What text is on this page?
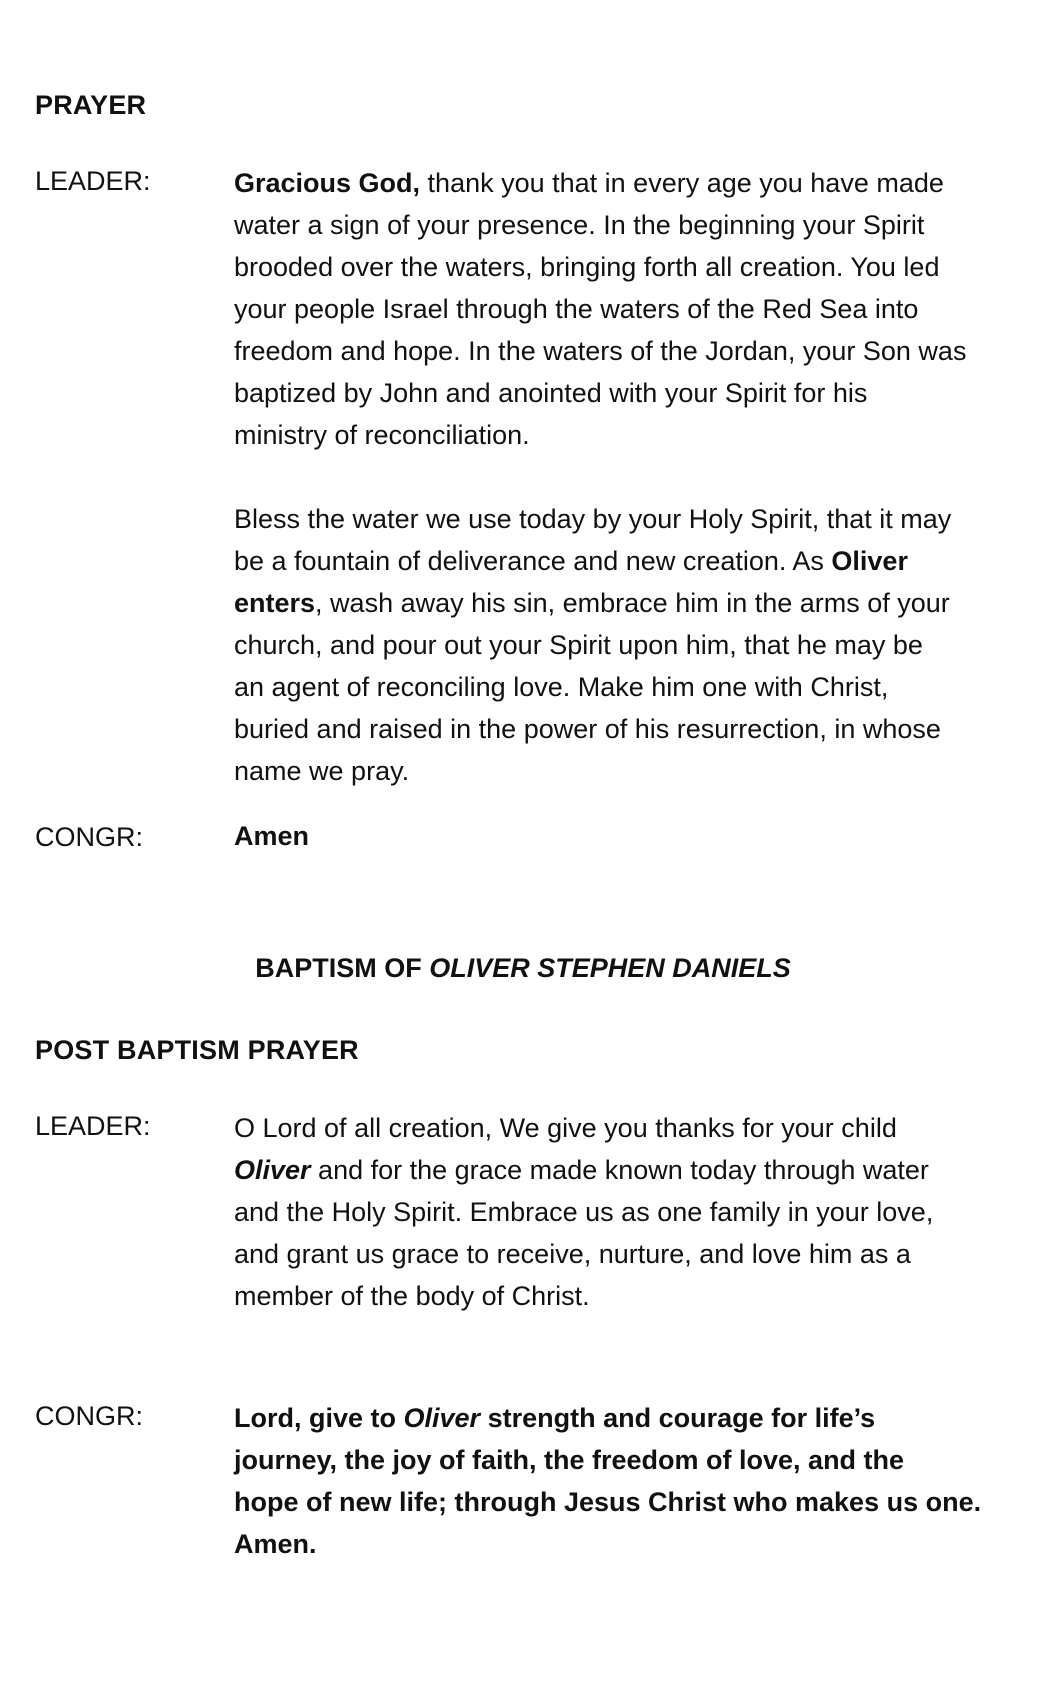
PRAYER
LEADER:	Gracious God, thank you that in every age you have made
water a sign of your presence. In the beginning your Spirit
brooded over the waters, bringing forth all creation. You led
your people Israel through the waters of the Red Sea into
freedom and hope. In the waters of the Jordan, your Son was
baptized by John and anointed with your Spirit for his
ministry of reconciliation.
Bless the water we use today by your Holy Spirit, that it may
be a fountain of deliverance and new creation. As Oliver
enters, wash away his sin, embrace him in the arms of your
church, and pour out your Spirit upon him, that he may be
an agent of reconciling love. Make him one with Christ,
buried and raised in the power of his resurrection, in whose
name we pray.
CONGR:	Amen
BAPTISM OF OLIVER STEPHEN DANIELS
POST BAPTISM PRAYER
LEADER:	O Lord of all creation, We give you thanks for your child
Oliver and for the grace made known today through water
and the Holy Spirit. Embrace us as one family in your love,
and grant us grace to receive, nurture, and love him as a
member of the body of Christ.
CONGR:	Lord, give to Oliver strength and courage for life’s
journey, the joy of faith, the freedom of love, and the
hope of new life; through Jesus Christ who makes us one.
Amen.
